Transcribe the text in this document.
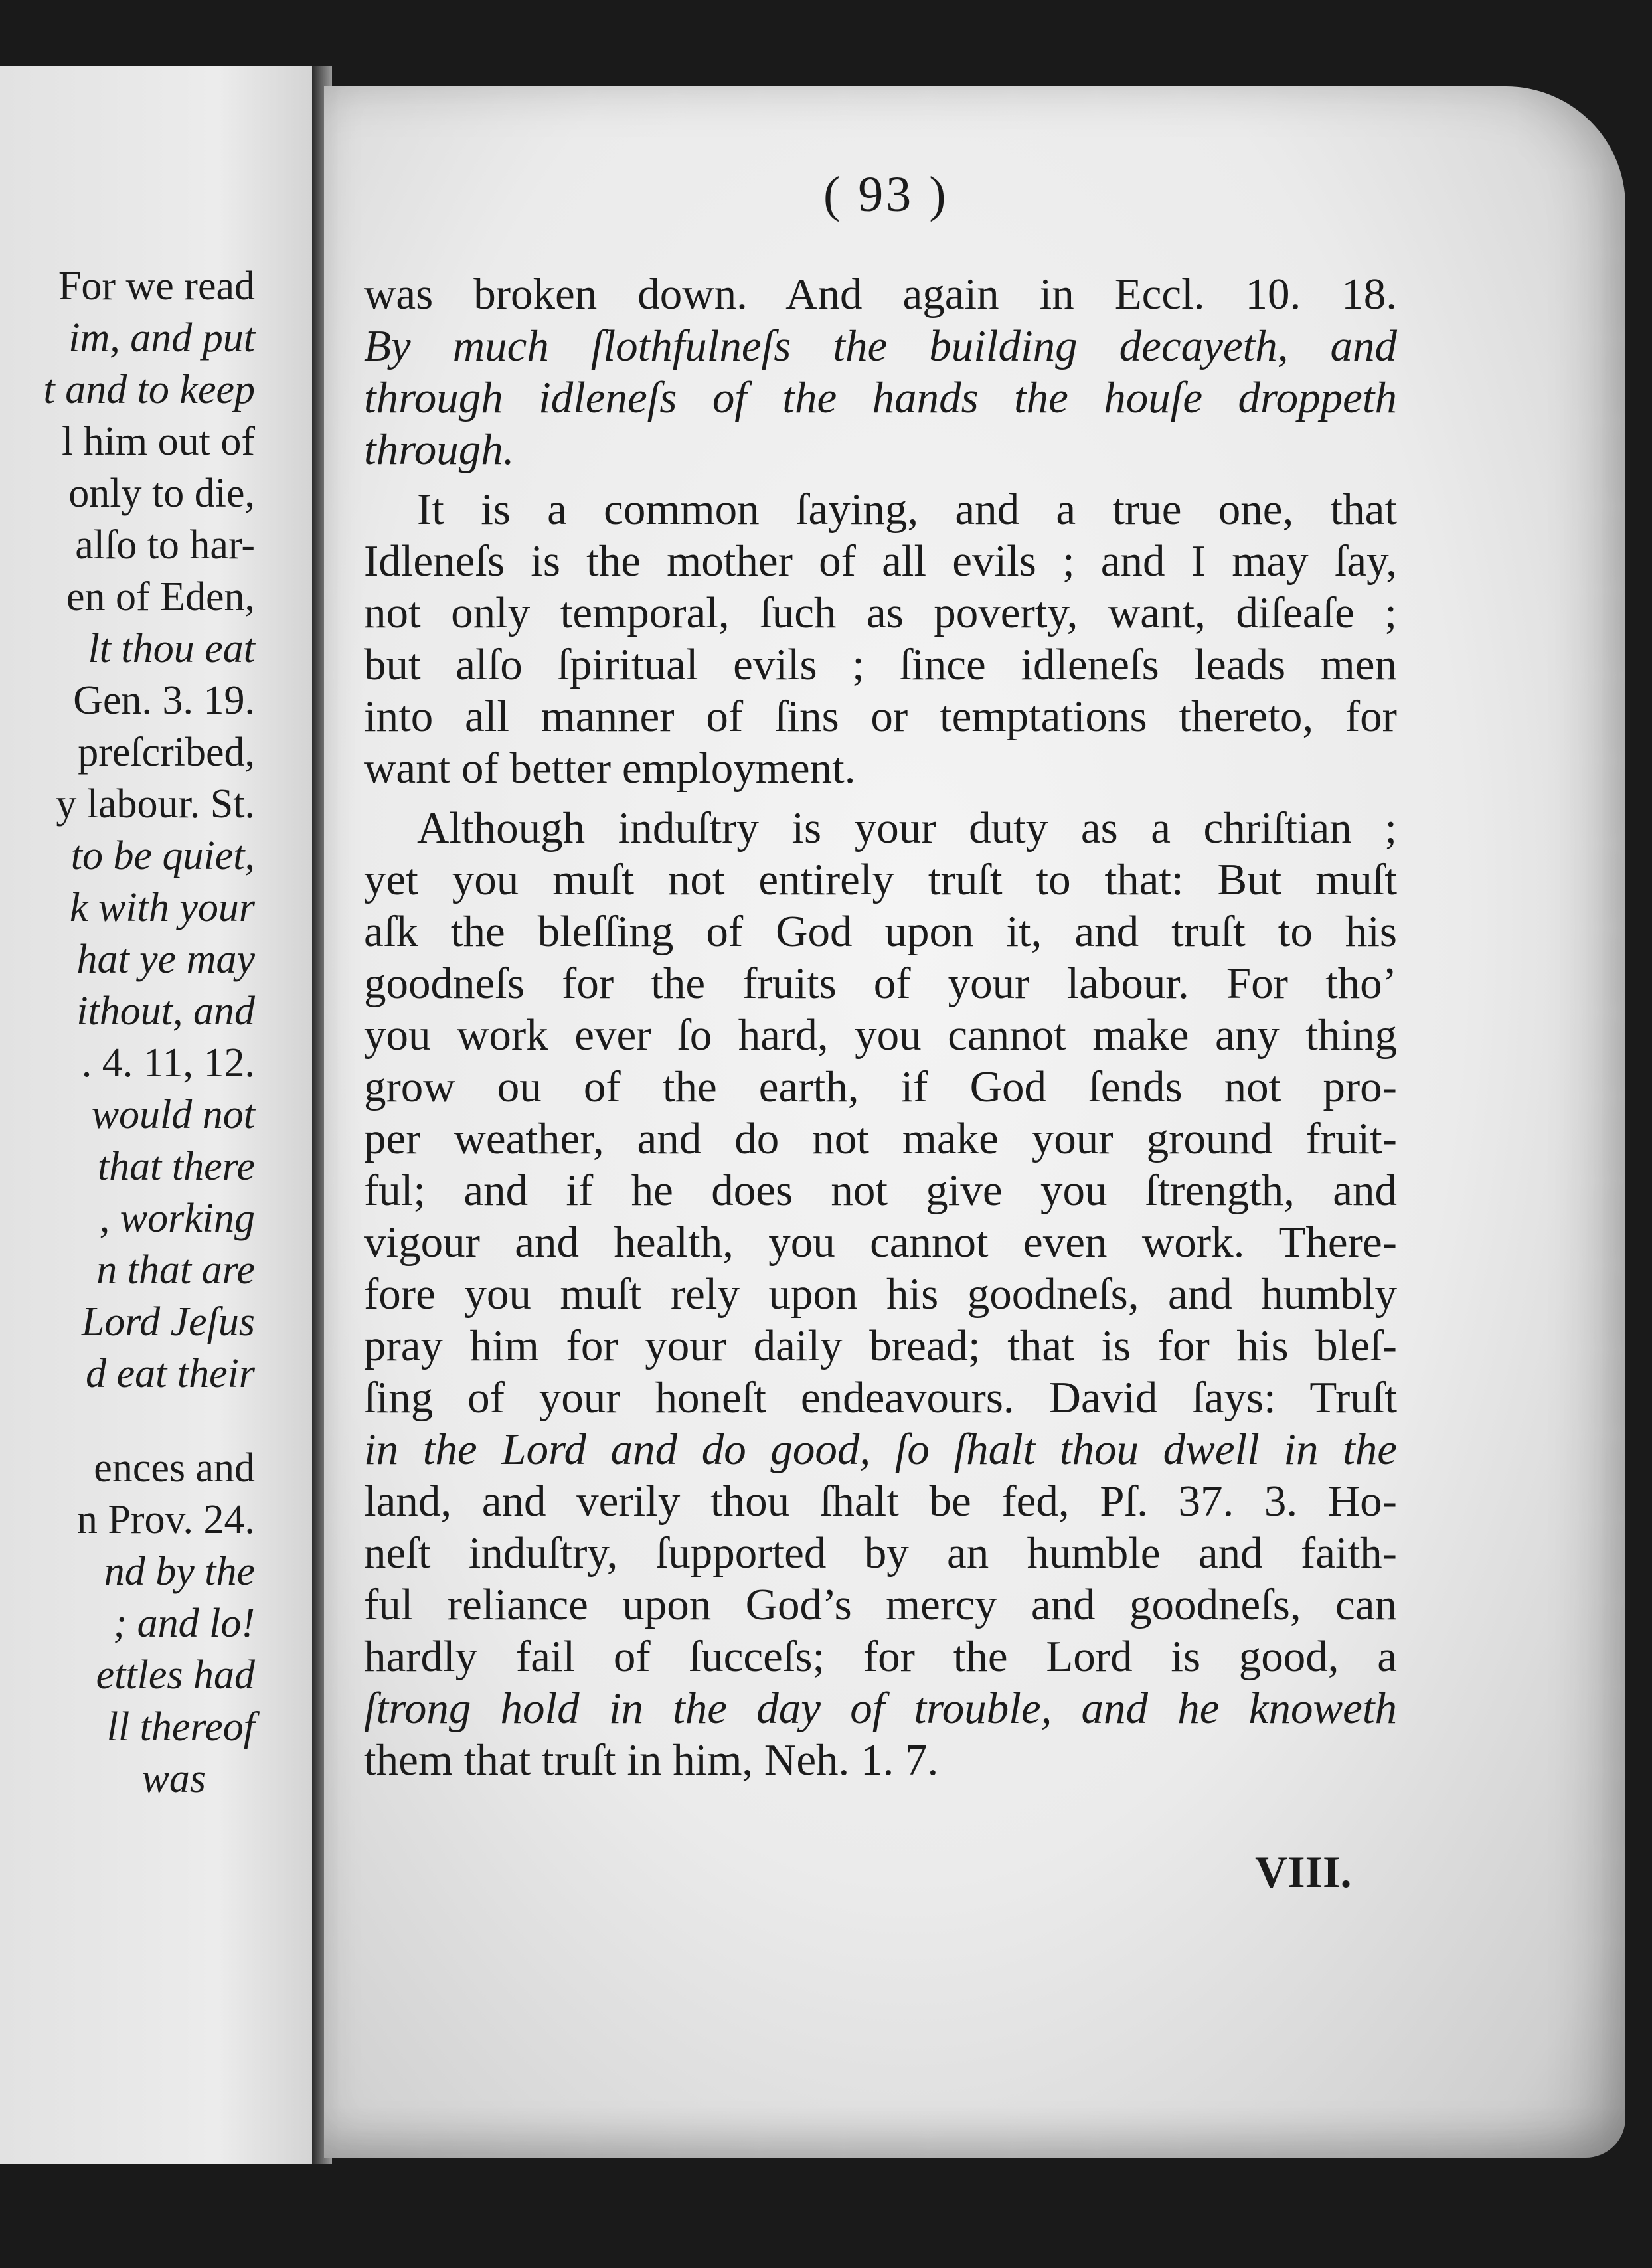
For we read
im, and put
t and to keep
l him out of
only to die,
alſo to har-
en of Eden,
lt thou eat
Gen. 3. 19.
preſcribed,
y labour. St.
to be quiet,
k with your
hat ye may
ithout, and
. 4. 11, 12.
would not
that there
, working
n that are
Lord Jeſus
d eat their
ences and
n Prov. 24.
nd by the
; and lo!
ettles had
ll thereof
was
( 93 )
was broken down. And again in Eccl. 10. 18.
By much ſlothfulneſs the building decayeth, and
through idleneſs of the hands the houſe droppeth
through.
It is a common ſaying, and a true one, that
Idleneſs is the mother of all evils ; and I may ſay,
not only temporal, ſuch as poverty, want, diſeaſe ;
but alſo ſpiritual evils ; ſince idleneſs leads men
into all manner of ſins or temptations thereto, for
want of better employment.
Although induſtry is your duty as a chriſtian ;
yet you muſt not entirely truſt to that: But muſt
aſk the bleſſing of God upon it, and truſt to his
goodneſs for the fruits of your labour. For tho’
you work ever ſo hard, you cannot make any thing
grow ou of the earth, if God ſends not pro-
per weather, and do not make your ground fruit-
ful; and if he does not give you ſtrength, and
vigour and health, you cannot even work. There-
fore you muſt rely upon his goodneſs, and humbly
pray him for your daily bread; that is for his bleſ-
ſing of your honeſt endeavours. David ſays: Truſt
in the Lord and do good, ſo ſhalt thou dwell in the
land, and verily thou ſhalt be fed, Pſ. 37. 3. Ho-
neſt induſtry, ſupported by an humble and faith-
ful reliance upon God’s mercy and goodneſs, can
hardly fail of ſucceſs; for the Lord is good, a
ſtrong hold in the day of trouble, and he knoweth
them that truſt in him, Neh. 1. 7.
VIII.
